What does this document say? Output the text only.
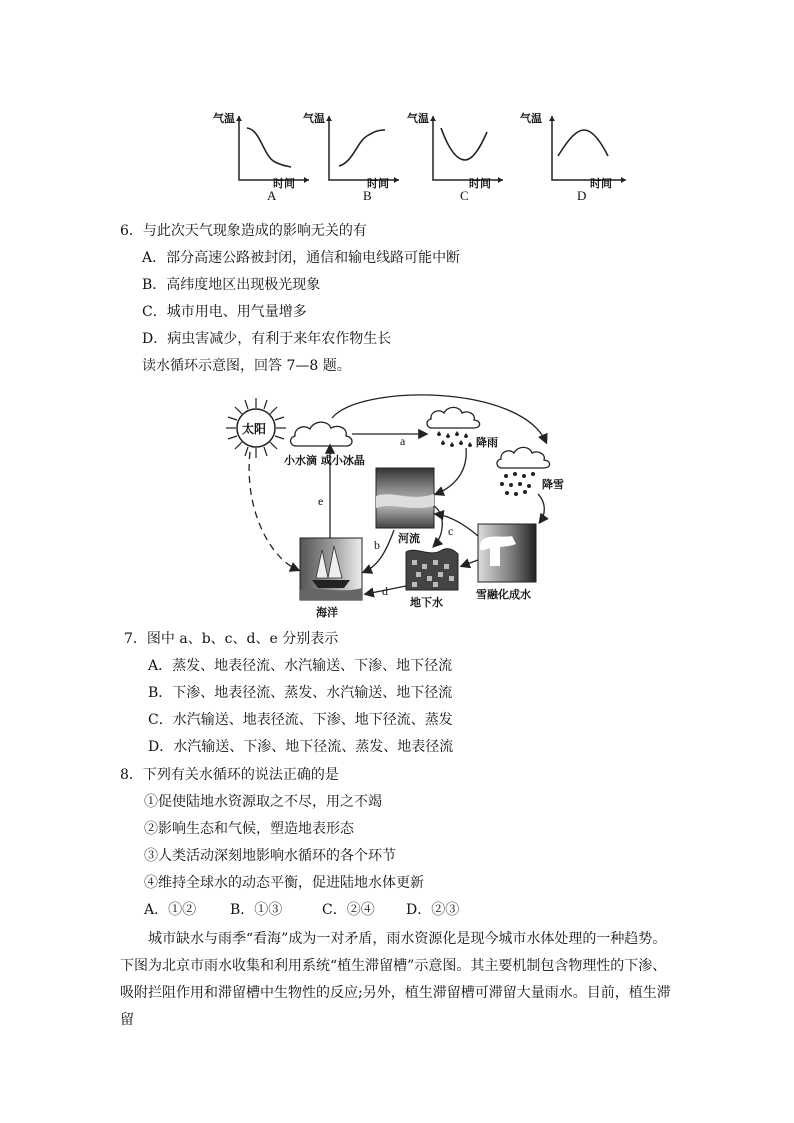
气温
时间
A
气温
时间
B
气温
时间
C
气温
时间
D
6．与此次天气现象造成的影响无关的有
A．部分高速公路被封闭，通信和输电线路可能中断
B．高纬度地区出现极光现象
C．城市用电、用气量增多
D．病虫害减少，有利于来年农作物生长
读水循环示意图，回答 7—8 题。
太阳
小水滴 或小冰晶
降雨
降雪
河流
地下水
雪融化成水
海洋
a
b
c
d
e
7．图中 a、b、c、d、e 分别表示
A．蒸发、地表径流、水汽输送、下渗、地下径流
B．下渗、地表径流、蒸发、水汽输送、地下径流
C．水汽输送、地表径流、下渗、地下径流、蒸发
D．水汽输送、下渗、地下径流、蒸发、地表径流
8．下列有关水循环的说法正确的是
①促使陆地水资源取之不尽，用之不竭
②影响生态和气候，塑造地表形态
③人类活动深刻地影响水循环的各个环节
④维持全球水的动态平衡，促进陆地水体更新
A．①② B．①③	C．②④ D．②③
城市缺水与雨季“看海”成为一对矛盾，雨水资源化是现今城市水体处理的一种趋势。下图为北京市雨水收集和利用系统“植生滞留槽”示意图。其主要机制包含物理性的下渗、吸附拦阻作用和滞留槽中生物性的反应;另外，植生滞留槽可滞留大量雨水。目前，植生滞留
